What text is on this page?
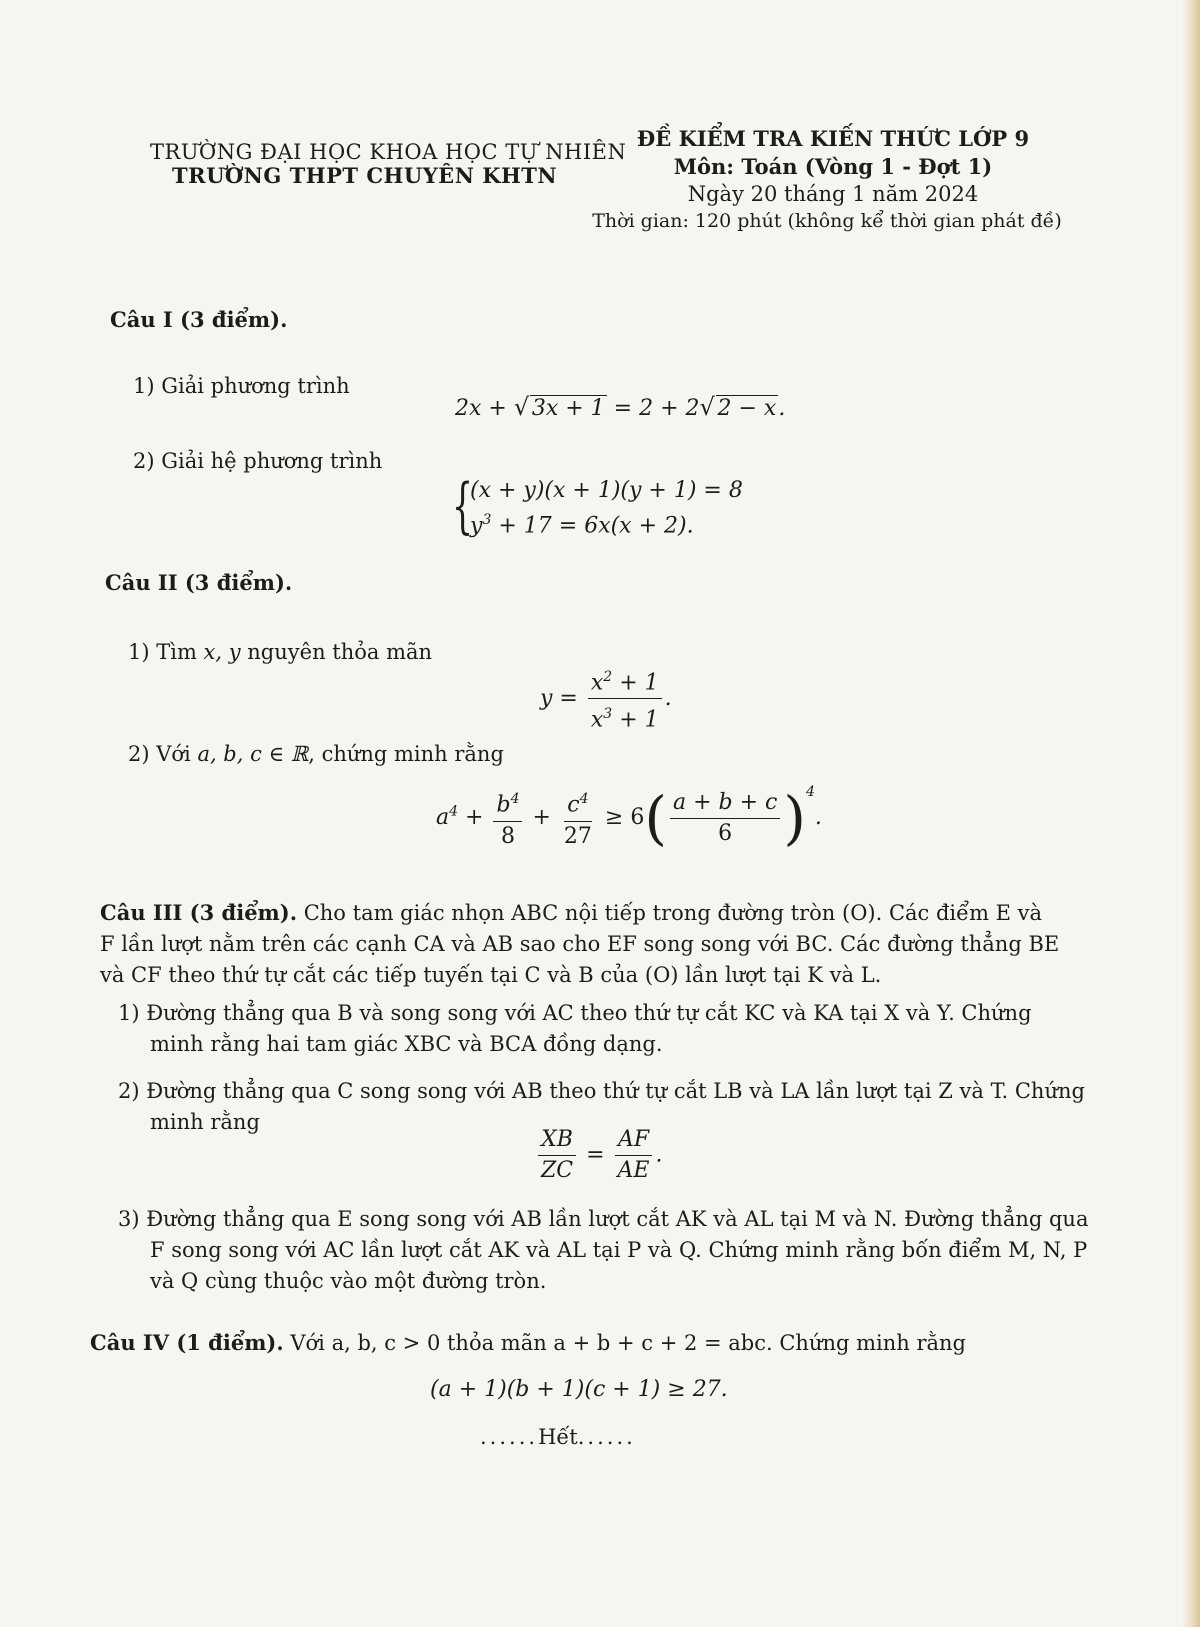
TRƯỜNG ĐẠI HỌC KHOA HỌC TỰ NHIÊN
TRƯỜNG THPT CHUYÊN KHTN
ĐỀ KIỂM TRA KIẾN THỨC LỚP 9
Môn: Toán (Vòng 1 - Đợt 1)
Ngày 20 tháng 1 năm 2024
Thời gian: 120 phút (không kể thời gian phát đề)
Câu I (3 điểm).
1) Giải phương trình
2x + √ 3x + 1 = 2 + 2 √ 2 − x.
2) Giải hệ phương trình
{
(x + y)(x + 1)(y + 1) = 8
$y^3 + 17 = 6x(x + 2)$.
Câu II (3 điểm).
1) Tìm x, y nguyên thỏa mãn
$y = \frac{x^2 + 1}{x^3 + 1}$ .
2) Với a, b, c ∈ ℝ, chứng minh rằng
$a^4 + \frac{b^4}{8} + \frac{c^4}{27} \ge 6( \frac{a + b + c}{6} )^4$.
Câu III (3 điểm). Cho tam giác nhọn ABC nội tiếp trong đường tròn (O). Các điểm E và F lần lượt nằm trên các cạnh CA và AB sao cho EF song song với BC. Các đường thẳng BE và CF theo thứ tự cắt các tiếp tuyến tại C và B của (O) lần lượt tại K và L.
1) Đường thẳng qua B và song song với AC theo thứ tự cắt KC và KA tại X và Y. Chứng minh rằng hai tam giác XBC và BCA đồng dạng.
2) Đường thẳng qua C song song với AB theo thứ tự cắt LB và LA lần lượt tại Z và T. Chứng minh rằng
$\frac{XB}{ZC} = \frac{AF}{AE}$ .
3) Đường thẳng qua E song song với AB lần lượt cắt AK và AL tại M và N. Đường thẳng qua F song song với AC lần lượt cắt AK và AL tại P và Q. Chứng minh rằng bốn điểm M, N, P và Q cùng thuộc vào một đường tròn.
Câu IV (1 điểm). Với a, b, c > 0 thỏa mãn a + b + c + 2 = abc. Chứng minh rằng
(a + 1)(b + 1)(c + 1) ≥ 27.
......Hết......
